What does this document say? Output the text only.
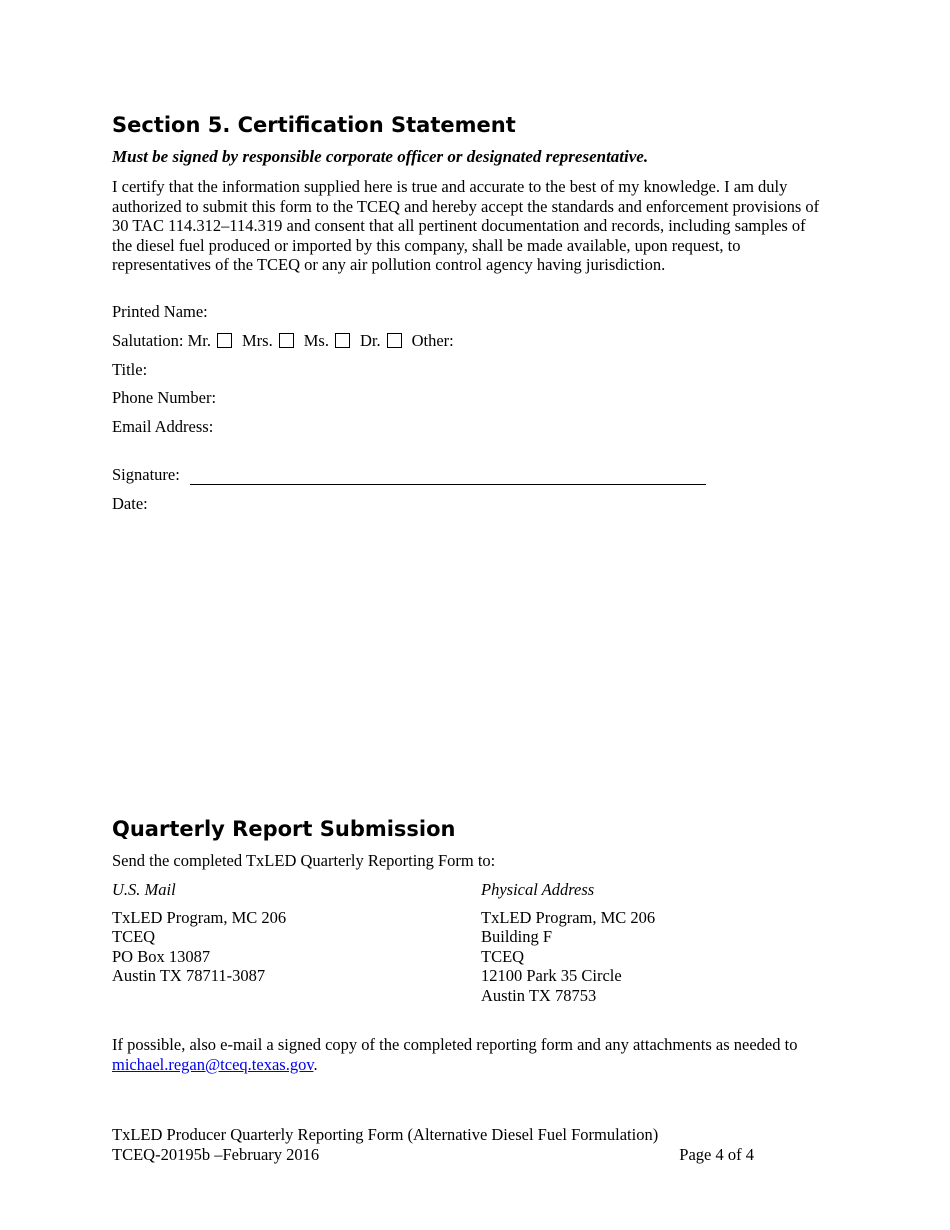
Section 5. Certification Statement

Must be signed by responsible corporate officer or designated representative.

I certify that the information supplied here is true and accurate to the best of my knowledge. I am duly authorized to submit this form to the TCEQ and hereby accept the standards and enforcement provisions of 30 TAC 114.312–114.319 and consent that all pertinent documentation and records, including samples of the diesel fuel produced or imported by this company, shall be made available, upon request, to representatives of the TCEQ or any air pollution control agency having jurisdiction.

Printed Name:

Salutation:
Mr. Mrs. Ms. Dr. Other:

Title:

Phone Number:

Email Address:

Signature:

Date:

Quarterly Report Submission

Send the completed TxLED Quarterly Reporting Form to:

U.S. Mail
TxLED Program, MC 206
TCEQ
PO Box 13087
Austin TX 78711-3087
Physical Address
TxLED Program, MC 206
Building F
TCEQ
12100 Park 35 Circle
Austin TX 78753

If possible, also e-mail a signed copy of the completed reporting form and any attachments as needed to michael.regan@tceq.texas.gov.

TxLED Producer Quarterly Reporting Form (Alternative Diesel Fuel Formulation)
TCEQ-20195b –February 2016	Page 4 of 4
